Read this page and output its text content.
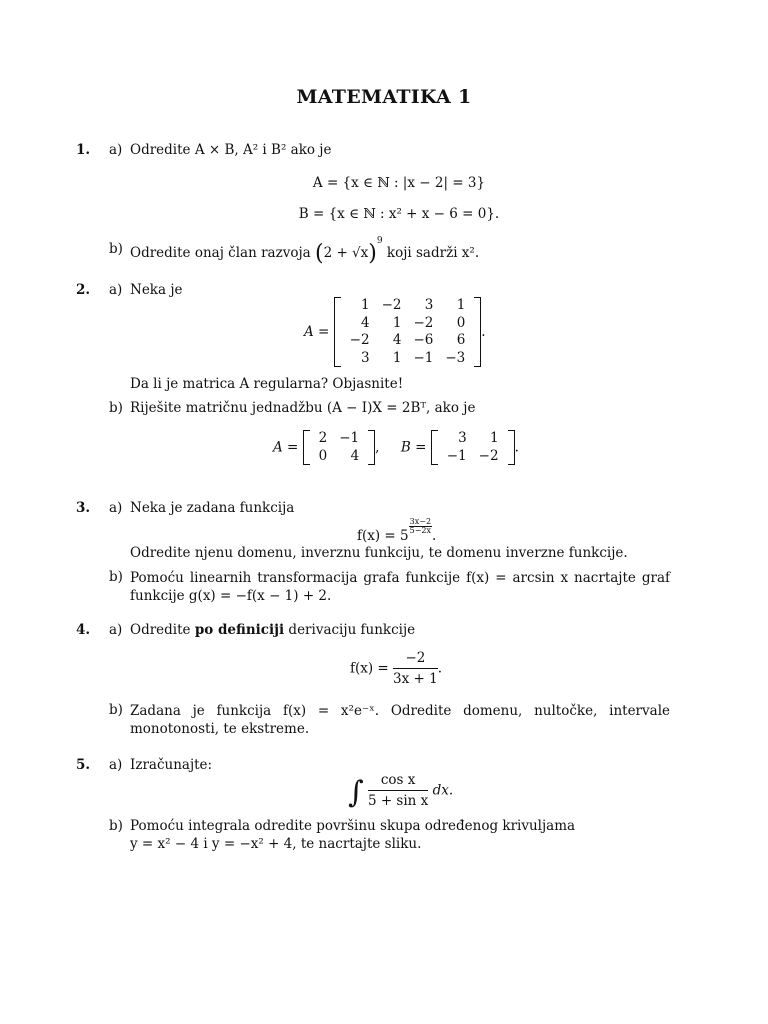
MATEMATIKA 1
1. a) Odredite A × B, A² i B² ako je
A = {x ∈ ℕ : |x − 2| = 3}
B = {x ∈ ℕ : x² + x − 6 = 0}.
b) Odredite onaj član razvoja $(2 + √x)^9$ koji sadrži x².
2. a) Neka je
A =
1	−2	3	1
4	1	−2	0
−2	4	−6	6
3	1	−1	−3
.
Da li je matrica A regularna? Objasnite!
b) Riješite matričnu jednadžbu (A − I)X = 2Bᵀ, ako je
A =
2	−1
0	4 ,     B =
3	1
−1	−2 .
3. a) Neka je zadana funkcija
f(x) = 5
$\frac{3x-2}{5-2x}$.
Odredite njenu domenu, inverznu funkciju, te domenu inverzne funkcije.
b) Pomoću linearnih transformacija grafa funkcije f(x) = arcsin x nacrtajte graf funkcije g(x) = −f(x − 1) + 2.
4. a) Odredite po definiciji derivaciju funkcije
$f(x) = \frac{-2}{3x + 1}$ .
b) Zadana je funkcija f(x) = x²e⁻ˣ. Odredite domenu, nultočke, intervale monotonosti, te ekstreme.
5. a) Izračunajte:
∫ $\frac{\text{cos x}}{\text{5 + sin x}}$ dx.
b) Pomoću integrala odredite površinu skupa određenog krivuljama
y = x² − 4 i y = −x² + 4, te nacrtajte sliku.
